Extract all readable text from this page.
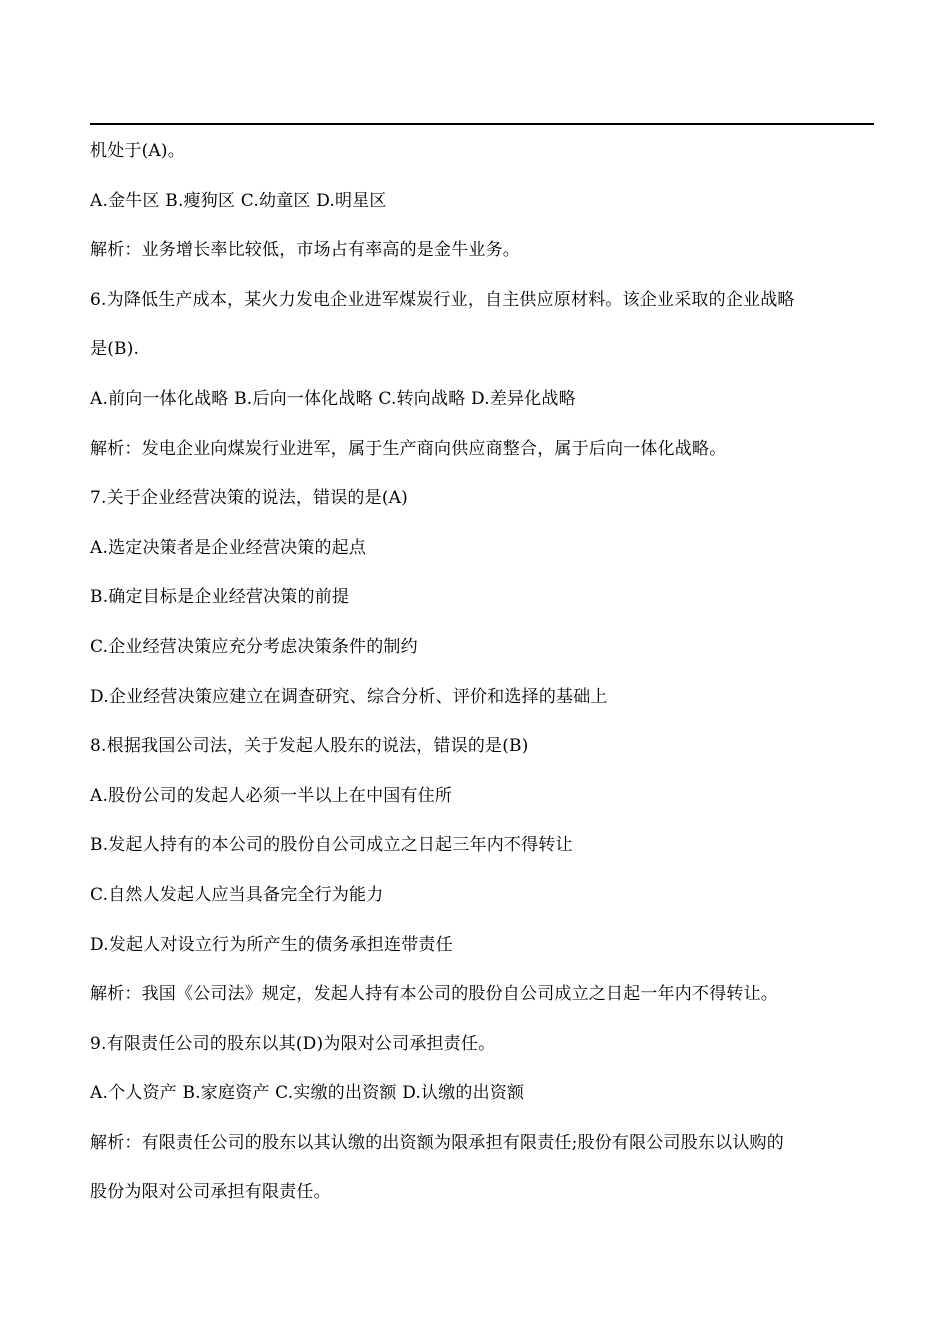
机处于(A)。
A.金牛区 B.瘦狗区 C.幼童区 D.明星区
解析：业务增长率比较低，市场占有率高的是金牛业务。
6.为降低生产成本，某火力发电企业进军煤炭行业，自主供应原材料。该企业采取的企业战略
是(B).
A.前向一体化战略 B.后向一体化战略 C.转向战略 D.差异化战略
解析：发电企业向煤炭行业进军，属于生产商向供应商整合，属于后向一体化战略。
7.关于企业经营决策的说法，错误的是(A)
A.选定决策者是企业经营决策的起点
B.确定目标是企业经营决策的前提
C.企业经营决策应充分考虑决策条件的制约
D.企业经营决策应建立在调查研究、综合分析、评价和选择的基础上
8.根据我国公司法，关于发起人股东的说法，错误的是(B)
A.股份公司的发起人必须一半以上在中国有住所
B.发起人持有的本公司的股份自公司成立之日起三年内不得转让
C.自然人发起人应当具备完全行为能力
D.发起人对设立行为所产生的债务承担连带责任
解析：我国《公司法》规定，发起人持有本公司的股份自公司成立之日起一年内不得转让。
9.有限责任公司的股东以其(D)为限对公司承担责任。
A.个人资产 B.家庭资产 C.实缴的出资额 D.认缴的出资额
解析：有限责任公司的股东以其认缴的出资额为限承担有限责任;股份有限公司股东以认购的
股份为限对公司承担有限责任。
